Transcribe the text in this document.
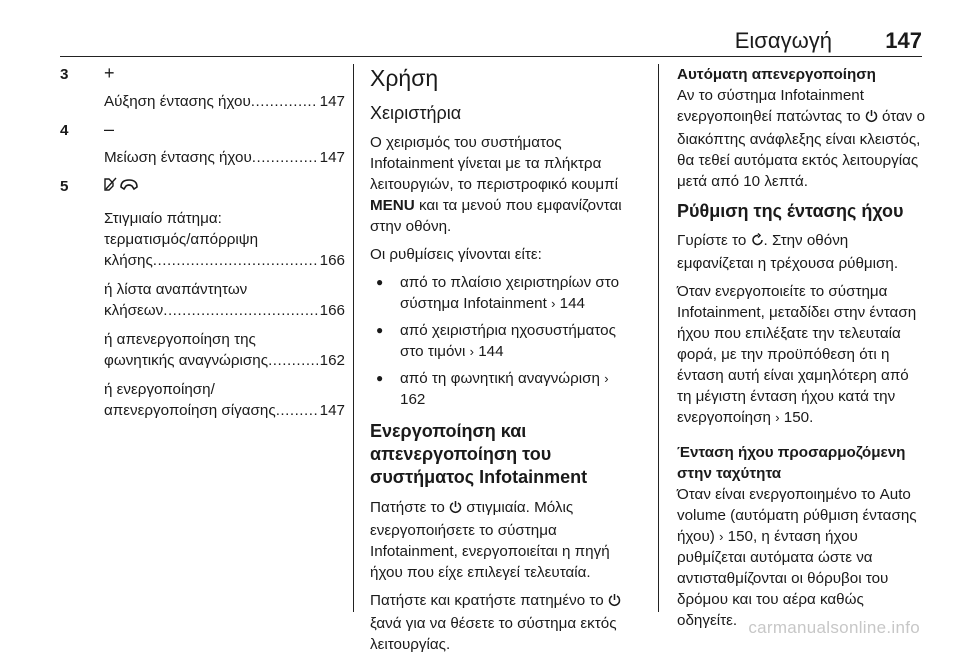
Εισαγωγή 147
3	+
Αύξηση έντασης ήχου .....	147
4	–
Μείωση έντασης ήχου .....	147
5
Στιγμιαίο πάτημα:
τερματισμός/απόρριψη
κλήσης .....	166
ή λίστα αναπάντητων
κλήσεων .....	166
ή απενεργοποίηση της
φωνητικής αναγνώρισης .....	162
ή ενεργοποίηση/
απενεργοποίηση σίγασης .....	147
Χρήση
Χειριστήρια

Ο χειρισμός του συστήματος Infotainment γίνεται με τα πλήκτρα λειτουργιών, το περιστροφικό κουμπί MENU και τα μενού που εμφανίζονται στην οθόνη.

Οι ρυθμίσεις γίνονται είτε:

● από το πλαίσιο χειριστηρίων στο σύστημα Infotainment › 144
● από χειριστήρια ηχοσυστήματος στο τιμόνι › 144
● από τη φωνητική αναγνώριση › 162
Ενεργοποίηση και απενεργοποίηση του συστήματος Infotainment

Πατήστε το  στιγμιαία. Μόλις ενεργοποιήσετε το σύστημα Infotainment, ενεργοποιείται η πηγή ήχου που είχε επιλεγεί τελευταία.

Πατήστε και κρατήστε πατημένο το  ξανά για να θέσετε το σύστημα εκτός λειτουργίας.

Αυτόματη απενεργοποίηση

Αν το σύστημα Infotainment ενεργοποιηθεί πατώντας το  όταν ο διακόπτης ανάφλεξης είναι κλειστός, θα τεθεί αυτόματα εκτός λειτουργίας μετά από 10 λεπτά.

Ρύθμιση της έντασης ήχου

Γυρίστε το . Στην οθόνη εμφανίζεται η τρέχουσα ρύθμιση.

Όταν ενεργοποιείτε το σύστημα Infotainment, μεταδίδει στην ένταση ήχου που επιλέξατε την τελευταία φορά, με την προϋπόθεση ότι η ένταση αυτή είναι χαμηλότερη από τη μέγιστη ένταση ήχου κατά την ενεργοποίηση › 150.

Ένταση ήχου προσαρμοζόμενη στην ταχύτητα

Όταν είναι ενεργοποιημένο το Auto volume (αυτόματη ρύθμιση έντασης ήχου) › 150, η ένταση ήχου ρυθμίζεται αυτόματα ώστε να αντισταθμίζονται οι θόρυβοι του δρόμου και του αέρα καθώς οδηγείτε. carmanualsonline.info
